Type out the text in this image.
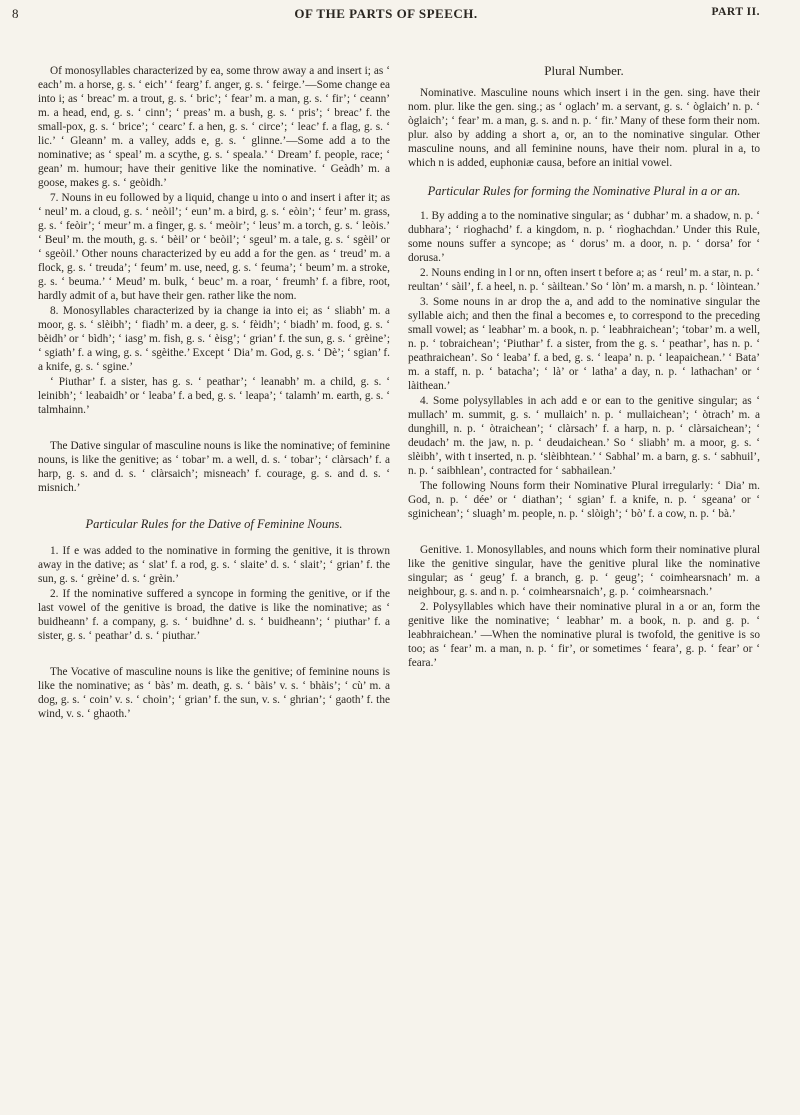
8	OF THE PARTS OF SPEECH.	PART II.

Of monosyllables characterized by ea, some throw away a and insert i; as ‘ each’ m. a horse, g. s. ‘ eich’ ‘ fearg’ f. anger, g. s. ‘ feirge.’—Some change ea into i; as ‘ breac’ m. a trout, g. s. ‘ bric’; ‘ fear’ m. a man, g. s. ‘ fir’; ‘ ceann’ m. a head, end, g. s. ‘ cinn’; ‘ preas’ m. a bush, g. s. ‘ pris’; ‘ breac’ f. the small-pox, g. s. ‘ brice’; ‘ cearc’ f. a hen, g. s. ‘ circe’; ‘ leac’ f. a flag, g. s. ‘ lic.’ ‘ Gleann’ m. a valley, adds e, g. s. ‘ glinne.’—Some add a to the nominative; as ‘ speal’ m. a scythe, g. s. ‘ speala.’ ‘ Dream’ f. people, race; ‘ gean’ m. humour; have their genitive like the nominative. ‘ Geàdh’ m. a goose, makes g. s. ‘ geòidh.’

7. Nouns in eu followed by a liquid, change u into o and insert i after it; as ‘ neul’ m. a cloud, g. s. ‘ neòil’; ‘ eun’ m. a bird, g. s. ‘ eòin’; ‘ feur’ m. grass, g. s. ‘ feòir’; ‘ meur’ m. a finger, g. s. ‘ meòir’; ‘ leus’ m. a torch, g. s. ‘ leòis.’ ‘ Beul’ m. the mouth, g. s. ‘ bèil’ or ‘ beòil’; ‘ sgeul’ m. a tale, g. s. ‘ sgèil’ or ‘ sgeòil.’ Other nouns characterized by eu add a for the gen. as ‘ treud’ m. a flock, g. s. ‘ treuda’; ‘ feum’ m. use, need, g. s. ‘ feuma’; ‘ beum’ m. a stroke, g. s. ‘ beuma.’ ‘ Meud’ m. bulk, ‘ beuc’ m. a roar, ‘ freumh’ f. a fibre, root, hardly admit of a, but have their gen. rather like the nom.

8. Monosyllables characterized by ia change ia into ei; as ‘ sliabh’ m. a moor, g. s. ‘ slèibh’; ‘ fiadh’ m. a deer, g. s. ‘ fèidh’; ‘ biadh’ m. food, g. s. ‘ bèidh’ or ‘ bìdh’; ‘ iasg’ m. fish, g. s. ‘ èisg’; ‘ grian’ f. the sun, g. s. ‘ grèine’; ‘ sgiath’ f. a wing, g. s. ‘ sgèithe.’ Except ‘ Dia’ m. God, g. s. ‘ Dè’; ‘ sgian’ f. a knife, g. s. ‘ sgine.’

‘ Piuthar’ f. a sister, has g. s. ‘ peathar’; ‘ leanabh’ m. a child, g. s. ‘ leinibh’; ‘ leabaidh’ or ‘ leaba’ f. a bed, g. s. ‘ leapa’; ‘ talamh’ m. earth, g. s. ‘ talmhainn.’

The Dative singular of masculine nouns is like the nominative; of feminine nouns, is like the genitive; as ‘ tobar’ m. a well, d. s. ‘ tobar’; ‘ clàrsach’ f. a harp, g. s. and d. s. ‘ clàrsaich’; misneach’ f. courage, g. s. and d. s. ‘ misnich.’

Particular Rules for the Dative of Feminine Nouns.

1. If e was added to the nominative in forming the genitive, it is thrown away in the dative; as ‘ slat’ f. a rod, g. s. ‘ slaite’ d. s. ‘ slait’; ‘ grian’ f. the sun, g. s. ‘ grèine’ d. s. ‘ grèin.’

2. If the nominative suffered a syncope in forming the genitive, or if the last vowel of the genitive is broad, the dative is like the nominative; as ‘ buidheann’ f. a company, g. s. ‘ buidhne’ d. s. ‘ buidheann’; ‘ piuthar’ f. a sister, g. s. ‘ peathar’ d. s. ‘ piuthar.’

The Vocative of masculine nouns is like the genitive; of feminine nouns is like the nominative; as ‘ bàs’ m. death, g. s. ‘ bàis’ v. s. ‘ bhàis’; ‘ cù’ m. a dog, g. s. ‘ coin’ v. s. ‘ choin’; ‘ grian’ f. the sun, v. s. ‘ ghrian’; ‘ gaoth’ f. the wind, v. s. ‘ ghaoth.’

Plural Number.

Nominative. Masculine nouns which insert i in the gen. sing. have their nom. plur. like the gen. sing.; as ‘ oglach’ m. a servant, g. s. ‘ òglaich’ n. p. ‘ òglaich’; ‘ fear’ m. a man, g. s. and n. p. ‘ fir.’ Many of these form their nom. plur. also by adding a short a, or, an to the nominative singular. Other masculine nouns, and all feminine nouns, have their nom. plural in a, to which n is added, euphoniæ causa, before an initial vowel.

Particular Rules for forming the Nominative Plural in a or an.

1. By adding a to the nominative singular; as ‘ dubhar’ m. a shadow, n. p. ‘ dubhara’; ‘ rioghachd’ f. a kingdom, n. p. ‘ rìoghachdan.’ Under this Rule, some nouns suffer a syncope; as ‘ dorus’ m. a door, n. p. ‘ dorsa’ for ‘ dorusa.’

2. Nouns ending in l or nn, often insert t before a; as ‘ reul’ m. a star, n. p. ‘ reultan’ ‘ sàil’, f. a heel, n. p. ‘ sàiltean.’ So ‘ lòn’ m. a marsh, n. p. ‘ lòintean.’

3. Some nouns in ar drop the a, and add to the nominative singular the syllable aich; and then the final a becomes e, to correspond to the preceding small vowel; as ‘ leabhar’ m. a book, n. p. ‘ leabhraichean’; ‘tobar’ m. a well, n. p. ‘ tobraichean’; ‘Piuthar’ f. a sister, from the g. s. ‘ peathar’, has n. p. ‘ peathraichean’. So ‘ leaba’ f. a bed, g. s. ‘ leapa’ n. p. ‘ leapaichean.’ ‘ Bata’ m. a staff, n. p. ‘ batacha’; ‘ là’ or ‘ latha’ a day, n. p. ‘ lathachan’ or ‘ làithean.’

4. Some polysyllables in ach add e or ean to the genitive singular; as ‘ mullach’ m. summit, g. s. ‘ mullaich’ n. p. ‘ mullaichean’; ‘ òtrach’ m. a dunghill, n. p. ‘ òtraichean’; ‘ clàrsach’ f. a harp, n. p. ‘ clàrsaichean’; ‘ deudach’ m. the jaw, n. p. ‘ deudaichean.’ So ‘ sliabh’ m. a moor, g. s. ‘ slèibh’, with t inserted, n. p. ‘slèibhtean.’ ‘ Sabhal’ m. a barn, g. s. ‘ sabhuil’, n. p. ‘ saibhlean’, contracted for ‘ sabhailean.’

The following Nouns form their Nominative Plural irregularly: ‘ Dia’ m. God, n. p. ‘ dée’ or ‘ diathan’; ‘ sgian’ f. a knife, n. p. ‘ sgeana’ or ‘ sginichean’; ‘ sluagh’ m. people, n. p. ‘ slòigh’; ‘ bò’ f. a cow, n. p. ‘ bà.’

Genitive. 1. Monosyllables, and nouns which form their nominative plural like the genitive singular, have the genitive plural like the nominative singular; as ‘ geug’ f. a branch, g. p. ‘ geug’; ‘ coimhearsnach’ m. a neighbour, g. s. and n. p. ‘ coimhearsnaich’, g. p. ‘ coimhearsnach.’

2. Polysyllables which have their nominative plural in a or an, form the genitive like the nominative; ‘ leabhar’ m. a book, n. p. and g. p. ‘ leabhraichean.’ —When the nominative plural is twofold, the genitive is so too; as ‘ fear’ m. a man, n. p. ‘ fir’, or sometimes ‘ feara’, g. p. ‘ fear’ or ‘ feara.’
